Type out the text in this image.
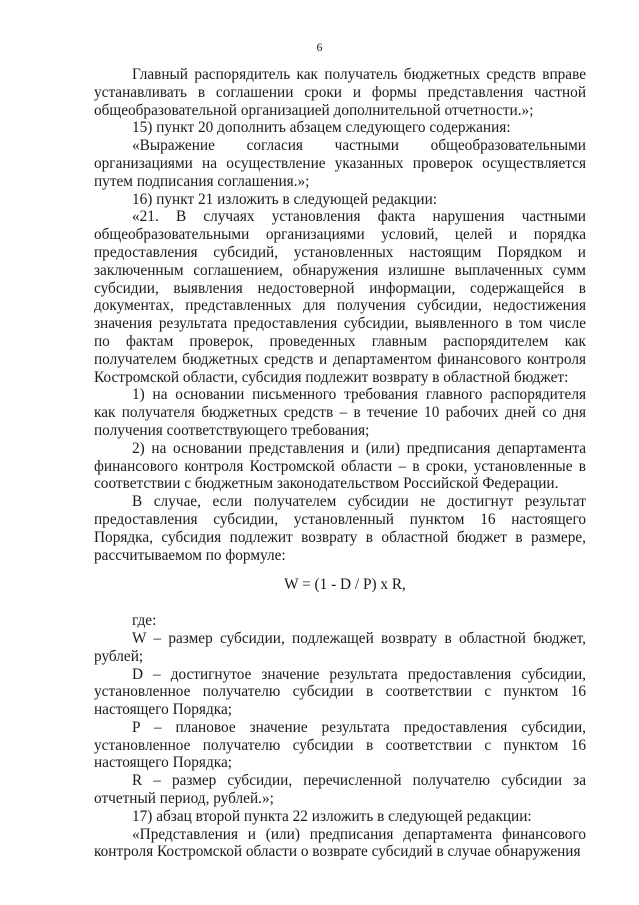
6

Главный распорядитель как получатель бюджетных средств вправе устанавливать в соглашении сроки и формы представления частной общеобразовательной организацией дополнительной отчетности.»;

15) пункт 20 дополнить абзацем следующего содержания:

«Выражение согласия частными общеобразовательными организациями на осуществление указанных проверок осуществляется путем подписания соглашения.»;

16) пункт 21 изложить в следующей редакции:

«21. В случаях установления факта нарушения частными общеобразовательными организациями условий, целей и порядка предоставления субсидий, установленных настоящим Порядком и заключенным соглашением, обнаружения излишне выплаченных сумм субсидии, выявления недостоверной информации, содержащейся в документах, представленных для получения субсидии, недостижения значения результата предоставления субсидии, выявленного в том числе по фактам проверок, проведенных главным распорядителем как получателем бюджетных средств и департаментом финансового контроля Костромской области, субсидия подлежит возврату в областной бюджет:

1) на основании письменного требования главного распорядителя как получателя бюджетных средств – в течение 10 рабочих дней со дня получения соответствующего требования;

2) на основании представления и (или) предписания департамента финансового контроля Костромской области – в сроки, установленные в соответствии с бюджетным законодательством Российской Федерации.

В случае, если получателем субсидии не достигнут результат предоставления субсидии, установленный пунктом 16 настоящего Порядка, субсидия подлежит возврату в областной бюджет в размере, рассчитываемом по формуле:

W = (1 - D / P) x R,

где:

W – размер субсидии, подлежащей возврату в областной бюджет, рублей;

D – достигнутое значение результата предоставления субсидии, установленное получателю субсидии в соответствии с пунктом 16 настоящего Порядка;

P – плановое значение результата предоставления субсидии, установленное получателю субсидии в соответствии с пунктом 16 настоящего Порядка;

R – размер субсидии, перечисленной получателю субсидии за отчетный период, рублей.»;

17) абзац второй пункта 22 изложить в следующей редакции:

«Представления и (или) предписания департамента финансового контроля Костромской области о возврате субсидий в случае обнаружения
